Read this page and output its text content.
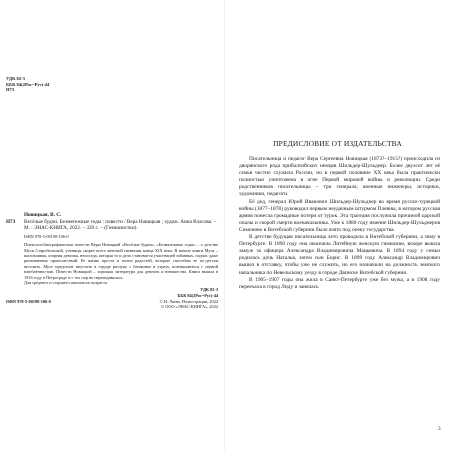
УДК 82-3
ББК 84(2Рос=Рус)-44
Н73
Новицкая, В. С.
Н73	Весёлые будни. Безмятежные годы : повести / Вера Новицкая ; худож. Анна Власова. – М. : ЭНАС-КНИГА, 2022. – 320 с. – (Гимназистки).
ISBN 978-5-00198-106-0
Психологобиографические повести Веры Новицкой «Весёлые будни», «Безмятежные годы» – о детстве Муси Старобельской, ученицы скорее всего женской гимназии конца XIX века. В начале книги Муся – шаловливая, озорная девочка, непоседа, которая то и дело становится участницей забавных, подчас даже рискованных происшествий. Её жизнь проста и полна радостей, которые способны ее по-детски веселить. Мусе предстоит впустить в сердце разлуку с близкими и утрату, познакомиться с первой влюблённостью. Повести Новицкой – хорошая литература для девочек и юношества. Книга вышла в 1916 году в Петрограде и с тех пор не переиздавалась.
Для среднего и старшего школьного возраста
УДК 82-3
ББК 84(2Рос=Рус)-44
ISBN 978-5-00198-106-0	© Н. Лаева. Иллюстрации, 2022
© ООО «ЭНАС-КНИГА», 2022
ПРЕДИСЛОВИЕ ОТ ИЗДАТЕЛЬСТВА

Писательница и педагог Вера Сергеевна Новицкая (1873?–1915?) происходила из дворянского рода прибалтийских немцев Шильдер-Шульднер. Более двухсот лет её семья честно служила России, но в первой половине XX века была практически полностью уничтожена в огне Первой мировой войны и революции. Среди родственников писательницы – три генерала, военные инженеры, историки, художники, педагоги.

Её дед, генерал Юрий Иванович Шильдер-Шульднер во время русско-турецкой войны (1877–1878) руководил первым неудачным штурмом Плевны, в котором русская армия понесла громадные потери от турок. Эта трагедия послужила причиной царской опалы и скорой смерти военачальника. Уже к 1880 году имение Шильдер-Шульднеров Симоново в Витебской губернии было взято под опеку государства.

В детстве будущая писательница лето проводила в Витебской губернии, а зиму в Петербурге. В 1890 году она окончила Литейную женскую гимназию, вскоре вышла замуж за офицера Александра Владимировича Мацкевича. В 1894 году у семьи родилась дочь Наталья, затем сын Борис. В 1899 году Александр Владимирович вышел в отставку, чтобы уже не служить, но его назначили на должность земского начальника по Невельскому уезду в городе Двинске Витебской губернии.

В 1905–1907 годы она жила в Санкт-Петербурге уже без мужа, а в 1908 году переехала в город Лиду и занялась

3
